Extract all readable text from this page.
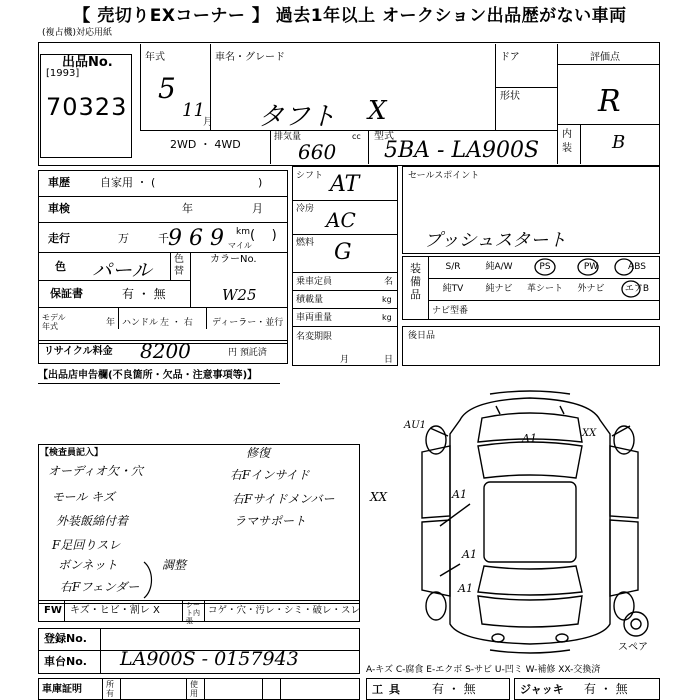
【 売切りEXコーナー 】 過去1年以上 オークション出品歴がない車両
(複占機)対応用紙
出品No.
[1993]
70323
年式
5
11
月
車名・グレード
タフト X
ドア
形状
評価点
R
内装 B
2WD ・ 4WD
排気量
660
cc 型式
5BA - LA900S
車歴	自家用 ・ (	)
車検	年	月
走行	万	千 9 6 9 km
マイル
(    )
色 パール 色替
カラーNo.
保証書	有 ・ 無	W25
モデル年式	年 ハンドル 左 ・ 右 ディーラー・並行
リサイクル料金 8200	円 預託済
シフト AT
冷房 AC
燃料 G
乗車定員	名
積載量	kg
車両重量	kg
名変期限
月	日
セールスポイント
プッシュスタート
装備品
S/R	純A/W	PS	PW	ABS
純TV	純ナビ	革シート	外ナビ	エアB
ナビ型番
後日品
【出品店申告欄(不良箇所・欠品・注意事項等)】
【検査員記入】
オーディオ欠・穴
モール キズ
外装飯綿付着
F足回りスレ
ボンネット
右Fフェンダー
調整
修復
右Fインサイド
右Fサイドメンバー	XX
ラマサポート
FW キズ・ヒビ・割レ X	シート内張
コゲ・穴・汚レ・シミ・破レ・スレ
登録No.
車台No. LA900S - 0157943
車庫証明	所有
使用	工具 有 ・ 無	ジャッキ 有 ・ 無
A-キズ C-腐食 E-エクボ S-サビ U-凹ミ W-補修 XX-交換済
AU1
A1	XX
A1
A1
A1
スペア
